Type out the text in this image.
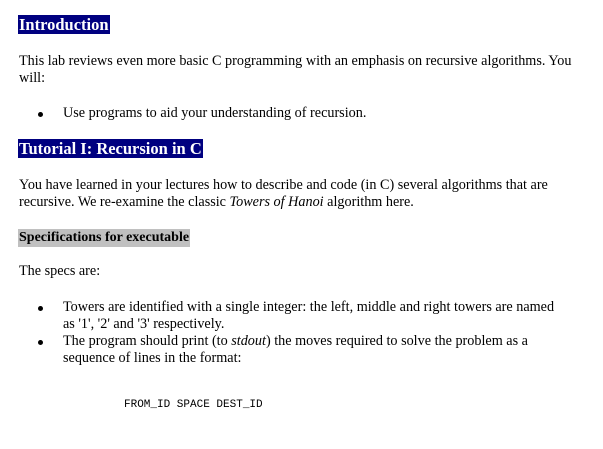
Introduction

This lab reviews even more basic C programming with an emphasis on recursive algorithms. You will:

Use programs to aid your understanding of recursion.
Tutorial I: Recursion in C

You have learned in your lectures how to describe and code (in C) several algorithms that are recursive. We re-examine the classic Towers of Hanoi algorithm here.

Specifications for executable

The specs are:

Towers are identified with a single integer: the left, middle and right towers are named as '1', '2' and '3' respectively.
The program should print (to stdout) the moves required to solve the problem as a sequence of lines in the format:
FROM_ID SPACE DEST_ID
